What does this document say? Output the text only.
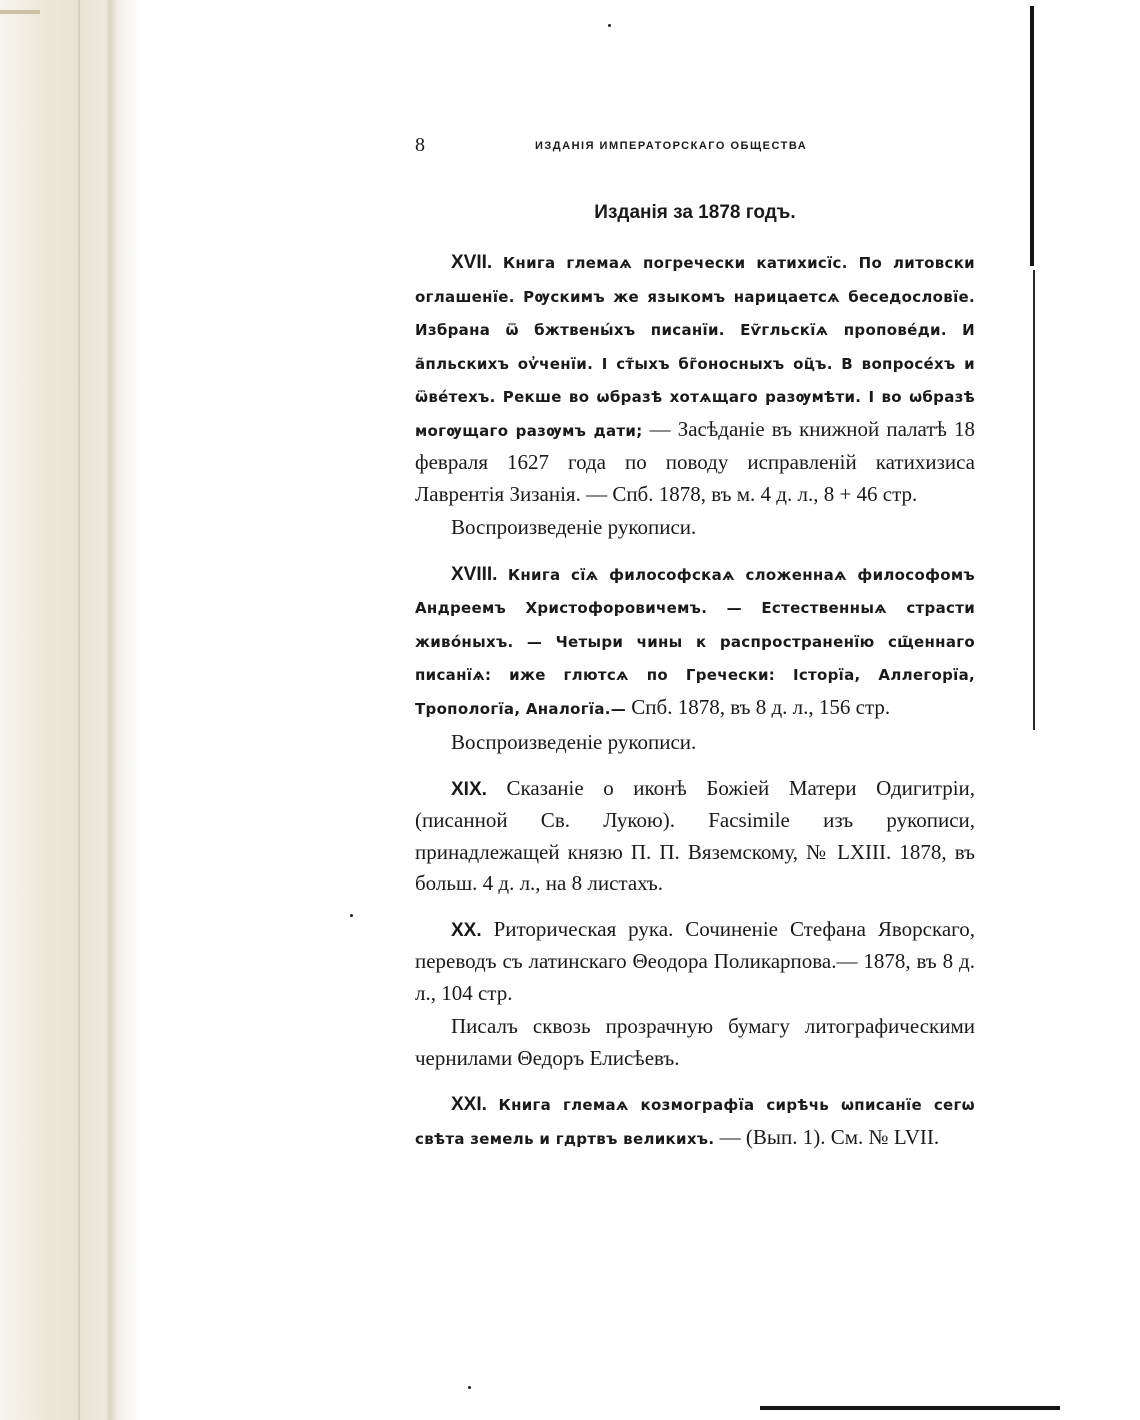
8	ИЗДАНІЯ ИМПЕРАТОРСКАГО ОБЩЕСТВА
Изданія за 1878 годъ.

XVII. Книга глемаѧ погречески катихисїс. По литовски оглашенїе. Рѹскимъ же языкомъ нарицаетсѧ беседословїе. Избрана ѿ бжтвены́хъ писанїи. Еѵ̃гльскїѧ пропове́ди. И а̃пльскихъ оѵ̓ченїи. І ст̃ыхъ бг̃оносныхъ оц̃ъ. В вопросе́хъ и ѿве́техъ. Рекше во ѡбразѣ хотѧщаго разѹмѣти. І во ѡбразѣ могѹщаго разѹмъ дати; — Засѣданіе въ книжной палатѣ 18 февраля 1627 года по поводу исправленій катихизиса Лаврентія Зизанія. — Спб. 1878, въ м. 4 д. л., 8 + 46 стр.

Воспроизведеніе рукописи.

XVIII. Книга сїѧ философскаѧ сложеннаѧ философомъ Андреемъ Христофоровичемъ. — Естественныѧ страсти живо́ныхъ. — Четыри чины к распространенїю сщ̃еннаго писанїѧ: иже глютсѧ по Гречески: Історїа, Аллегорїа, Тропологїа, Аналогїа.— Спб. 1878, въ 8 д. л., 156 стр.

Воспроизведеніе рукописи.

XIX. Сказаніе о иконѣ Божіей Матери Одигитріи, (писанной Св. Лукою). Facsimile изъ рукописи, принадлежащей князю П. П. Вяземскому, № LXIII. 1878, въ больш. 4 д. л., на 8 листахъ.

XX. Риторическая рука. Сочиненіе Стефана Яворскаго, переводъ съ латинскаго Θеодора Поликарпова.— 1878, въ 8 д. л., 104 стр.

Писалъ сквозь прозрачную бумагу литографическими чернилами Θедоръ Елисѣевъ.

XXI. Книга глемаѧ козмографїа сирѣчь ѡписанїе сегѡ свѣта земель и гдртвъ великихъ. — (Вып. 1). См. № LVII.
